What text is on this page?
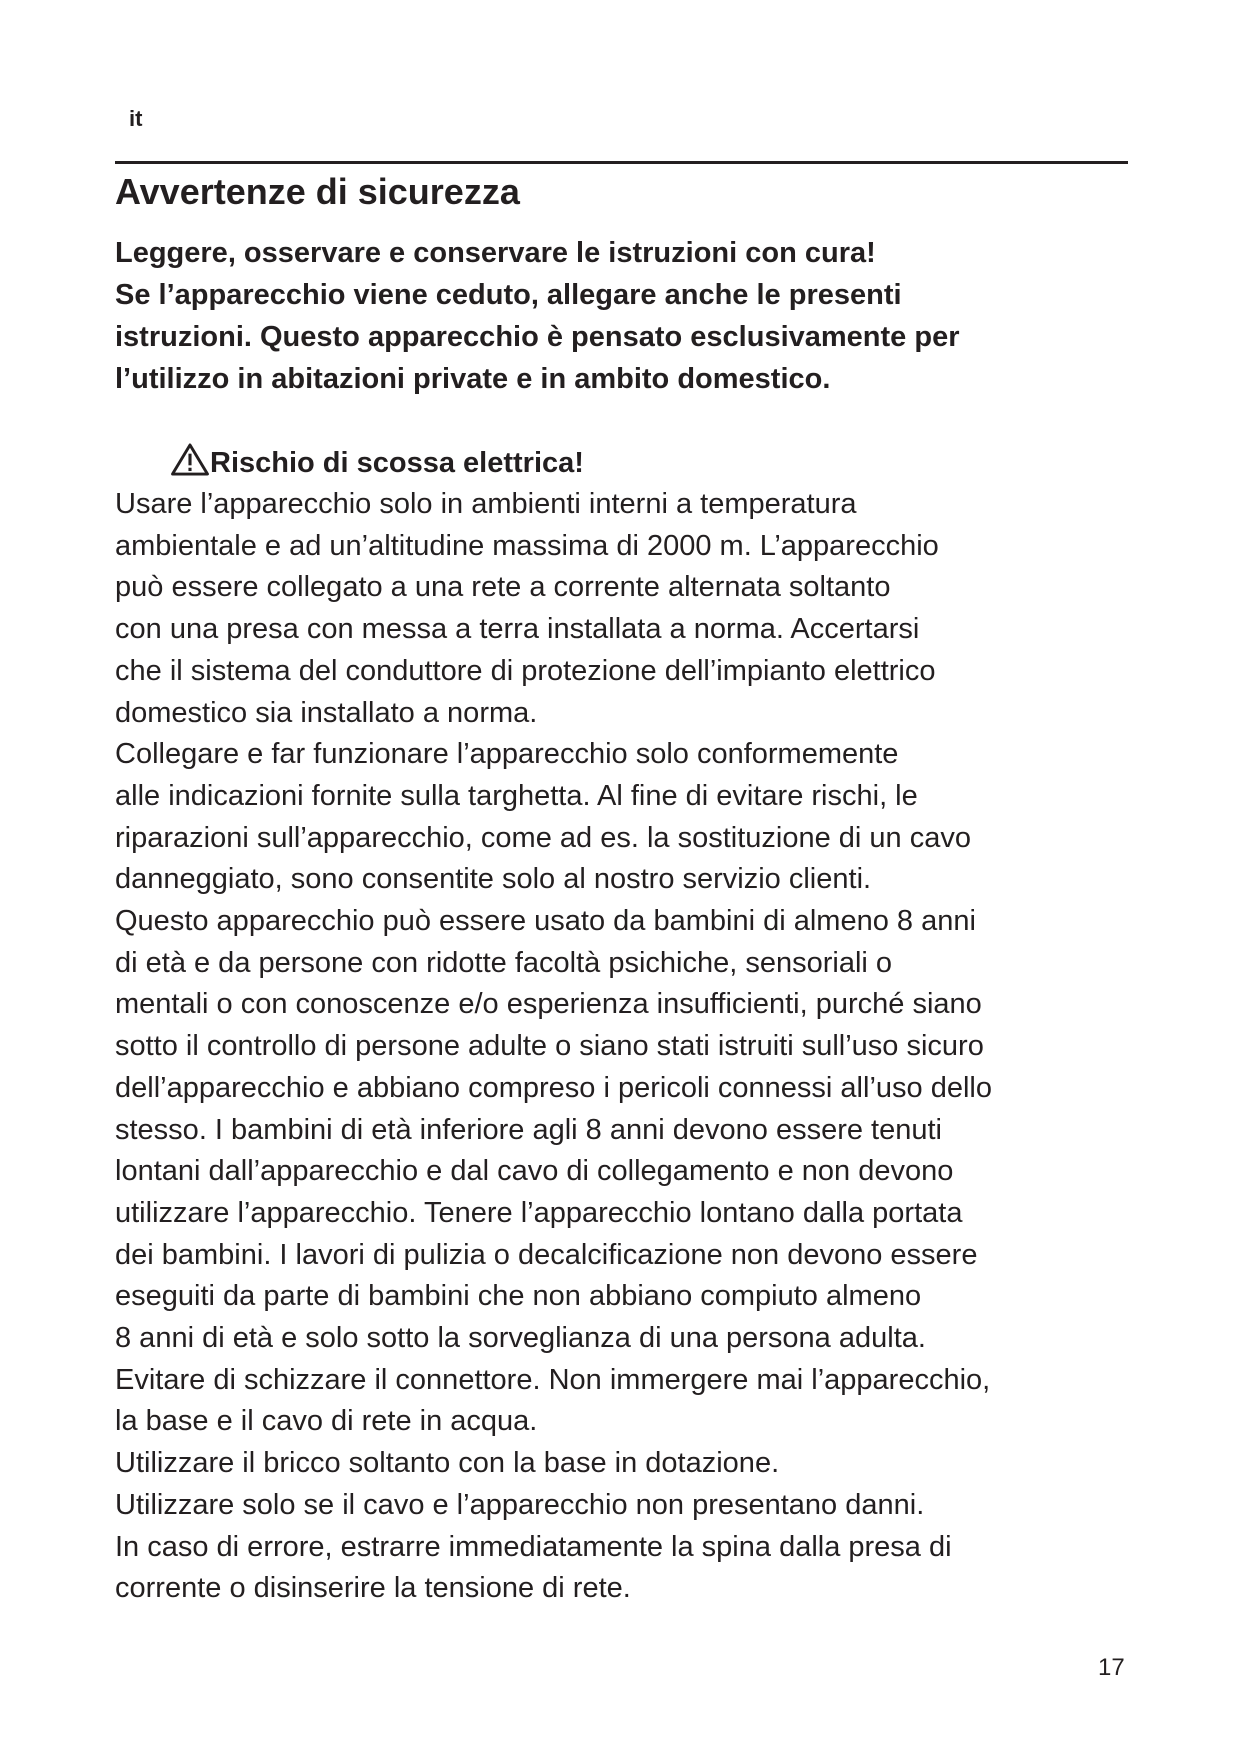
it
Avvertenze di sicurezza
Leggere, osservare e conservare le istruzioni con cura!
Se l’apparecchio viene ceduto, allegare anche le presenti
istruzioni. Questo apparecchio è pensato esclusivamente per
l’utilizzo in abitazioni private e in ambito domestico.
Rischio di scossa elettrica!
Usare l’apparecchio solo in ambienti interni a temperatura
ambientale e ad un’altitudine massima di 2000 m. L’apparecchio
può essere collegato a una rete a corrente alternata soltanto
con una presa con messa a terra installata a norma. Accertarsi
che il sistema del conduttore di protezione dell’impianto elettrico
domestico sia installato a norma.
Collegare e far funzionare l’apparecchio solo conformemente
alle indicazioni fornite sulla targhetta. Al fine di evitare rischi, le
riparazioni sull’apparecchio, come ad es. la sostituzione di un cavo
danneggiato, sono consentite solo al nostro servizio clienti.
Questo apparecchio può essere usato da bambini di almeno 8 anni
di età e da persone con ridotte facoltà psichiche, sensoriali o
mentali o con conoscenze e/o esperienza insufficienti, purché siano
sotto il controllo di persone adulte o siano stati istruiti sull’uso sicuro
dell’apparecchio e abbiano compreso i pericoli connessi all’uso dello
stesso. I bambini di età inferiore agli 8 anni devono essere tenuti
lontani dall’apparecchio e dal cavo di collegamento e non devono
utilizzare l’apparecchio. Tenere l’apparecchio lontano dalla portata
dei bambini. I lavori di pulizia o decalcificazione non devono essere
eseguiti da parte di bambini che non abbiano compiuto almeno
8 anni di età e solo sotto la sorveglianza di una persona adulta.
Evitare di schizzare il connettore. Non immergere mai l’apparecchio,
la base e il cavo di rete in acqua.
Utilizzare il bricco soltanto con la base in dotazione.
Utilizzare solo se il cavo e l’apparecchio non presentano danni.
In caso di errore, estrarre immediatamente la spina dalla presa di
corrente o disinserire la tensione di rete.
17
